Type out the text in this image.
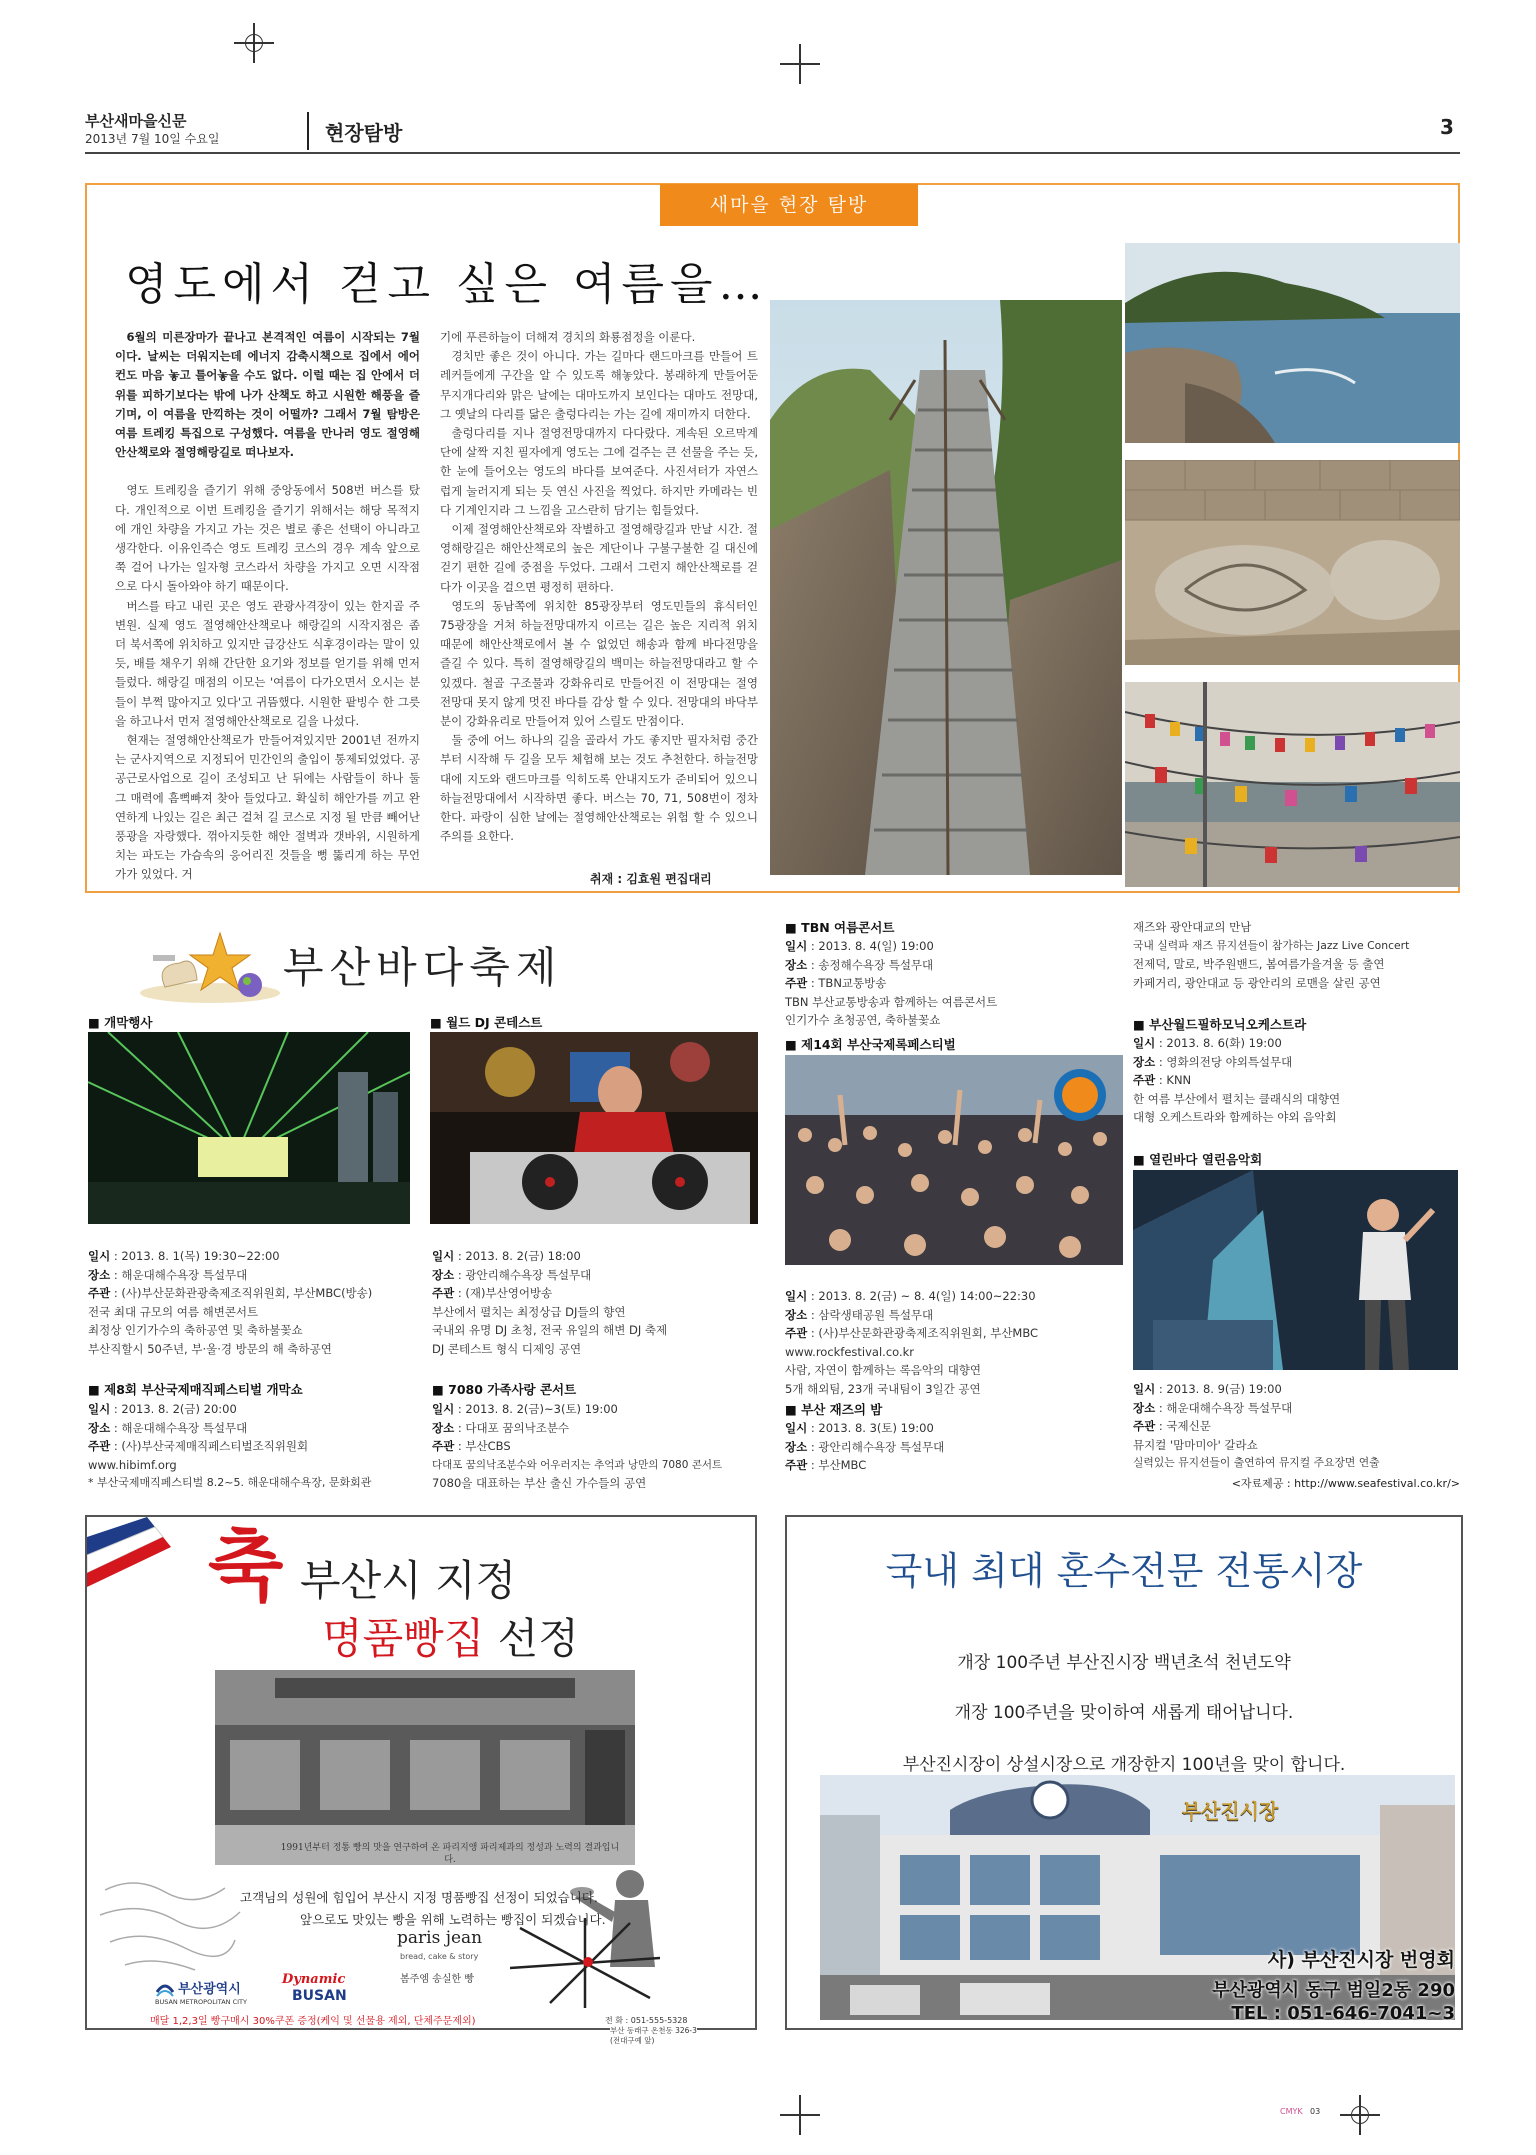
부산새마을신문
2013년 7월 10일 수요일	현장탐방	3
새마을 현장 탐방
영도에서 걷고 싶은 여름을…

6월의 미른장마가 끝나고 본격적인 여름이 시작되는 7월이다. 날씨는 더워지는데 에너지 감축시책으로 집에서 에어컨도 마음 놓고 틀어놓을 수도 없다. 이럴 때는 집 안에서 더위를 피하기보다는 밖에 나가 산책도 하고 시원한 해풍을 즐기며, 이 여름을 만끽하는 것이 어떨까? 그래서 7월 탐방은 여름 트레킹 특집으로 구성했다. 여름을 만나러 영도 절영해안산책로와 절영해랑길로 떠나보자.

영도 트레킹을 즐기기 위해 중앙동에서 508번 버스를 탔다. 개인적으로 이번 트레킹을 즐기기 위해서는 해당 목적지에 개인 차량을 가지고 가는 것은 별로 좋은 선택이 아니라고 생각한다. 이유인즉슨 영도 트레킹 코스의 경우 계속 앞으로 쭉 걸어 나가는 일자형 코스라서 차량을 가지고 오면 시작점으로 다시 돌아와야 하기 때문이다.

버스를 타고 내린 곳은 영도 관광사격장이 있는 한지골 주변원. 실제 영도 절영해안산책로나 해랑길의 시작지점은 좀 더 북서쪽에 위치하고 있지만 급강산도 식후경이라는 말이 있듯, 배를 채우기 위해 간단한 요기와 정보를 얻기를 위해 먼저 들렀다. 해랑길 매점의 이모는 '여름이 다가오면서 오시는 분들이 부쩍 많아지고 있다'고 귀뜸했다. 시원한 팥빙수 한 그릇을 하고나서 먼저 절영해안산책로로 길을 나섰다.

현재는 절영해안산책로가 만들어져있지만 2001년 전까지는 군사지역으로 지정되어 민간인의 출입이 통제되었었다. 공공근로사업으로 길이 조성되고 난 뒤에는 사람들이 하나 둘 그 매력에 흠뻑빠져 찾아 들었다고. 확실히 해안가를 끼고 완연하게 나있는 길은 최근 걸쳐 길 코스로 지정 될 만큼 빼어난 풍광을 자랑했다. 꺾아지듯한 해안 절벽과 갯바위, 시원하게 치는 파도는 가슴속의 응어리진 것들을 뻥 뚫리게 하는 무언가가 있었다. 거

기에 푸른하늘이 더해져 경치의 화룡점정을 이룬다.

경치만 좋은 것이 아니다. 가는 길마다 랜드마크를 만들어 트레커들에게 구간을 알 수 있도록 해놓았다. 봉래하게 만들어둔 무지개다리와 맑은 날에는 대마도까지 보인다는 대마도 전망대, 그 옛날의 다리를 닮은 출렁다리는 가는 길에 재미까지 더한다.

출렁다리를 지나 절영전망대까지 다다랐다. 계속된 오르막계단에 살짝 지친 필자에게 영도는 그에 걸주는 큰 선물을 주는 듯, 한 눈에 들어오는 영도의 바다를 보여준다. 사진셔터가 자연스럽게 눌러지게 되는 듯 연신 사진을 찍었다. 하지만 카메라는 빈다 기계인지라 그 느낌을 고스란히 담기는 힘들었다.

이제 절영해안산책로와 작별하고 절영해랑길과 만날 시간. 절영해랑길은 해안산책로의 높은 계단이나 구불구불한 길 대신에 걷기 편한 길에 중점을 두었다. 그래서 그런지 해안산책로를 걷다가 이곳을 걸으면 평정히 편하다.

영도의 동남쪽에 위치한 85광장부터 영도민들의 휴식터인 75광장을 거쳐 하늘전망대까지 이르는 길은 높은 지리적 위치 때문에 해안산책로에서 볼 수 없었던 해송과 함께 바다전망을 즐길 수 있다. 특히 절영해랑길의 백미는 하늘전망대라고 할 수 있겠다. 철골 구조물과 강화유리로 만들어진 이 전망대는 절영전망대 못지 않게 멋진 바다를 감상 할 수 있다. 전망대의 바닥부분이 강화유리로 만들어져 있어 스릴도 만점이다.

둘 중에 어느 하나의 길을 골라서 가도 좋지만 필자처럼 중간부터 시작해 두 길을 모두 체험해 보는 것도 추천한다. 하늘전망대에 지도와 랜드마크를 익히도록 안내지도가 준비되어 있으니 하늘전망대에서 시작하면 좋다. 버스는 70, 71, 508번이 정차한다. 파랑이 심한 날에는 절영해안산책로는 위험 할 수 있으니 주의를 요한다.

취재 : 김효원 편집대리
부산바다축제
■ 개막행사
일시 : 2013. 8. 1(목) 19:30~22:00
장소 : 해운대해수욕장 특설무대
주관 : (사)부산문화관광축제조직위원회, 부산MBC(방송)
전국 최대 규모의 여름 해변콘서트
최정상 인기가수의 축하공연 및 축하불꽃쇼
부산직할시 50주년, 부·울·경 방문의 해 축하공연
■ 제8회 부산국제매직페스티벌 개막쇼
일시 : 2013. 8. 2(금) 20:00
장소 : 해운대해수욕장 특설무대
주관 : (사)부산국제매직페스티벌조직위원회
www.hibimf.org
* 부산국제매직페스티벌 8.2~5. 해운대해수욕장, 문화회관
■ 월드 DJ 콘테스트
일시 : 2013. 8. 2(금) 18:00
장소 : 광안리해수욕장 특설무대
주관 : (재)부산영어방송
부산에서 펼치는 최정상급 DJ들의 향연
국내외 유명 DJ 초청, 전국 유일의 해변 DJ 축제
DJ 콘테스트 형식 디제잉 공연
■ 7080 가족사랑 콘서트
일시 : 2013. 8. 2(금)~3(토) 19:00
장소 : 다대포 꿈의낙조분수
주관 : 부산CBS
다대포 꿈의낙조분수와 어우러지는 추억과 낭만의 7080 콘서트
7080을 대표하는 부산 출신 가수들의 공연
■ TBN 여름콘서트
일시 : 2013. 8. 4(일) 19:00
장소 : 송정해수욕장 특설무대
주관 : TBN교통방송
TBN 부산교통방송과 함께하는 여름콘서트
인기가수 초청공연, 축하불꽃쇼
■ 제14회 부산국제록페스티벌
일시 : 2013. 8. 2(금) ~ 8. 4(일) 14:00~22:30
장소 : 삼락생태공원 특설무대
주관 : (사)부산문화관광축제조직위원회, 부산MBC
www.rockfestival.co.kr
사람, 자연이 함께하는 록음악의 대향연
5개 해외팀, 23개 국내팀이 3일간 공연
■ 부산 재즈의 밤
일시 : 2013. 8. 3(토) 19:00
장소 : 광안리해수욕장 특설무대
주관 : 부산MBC
재즈와 광안대교의 만남
국내 실력파 재즈 뮤지션들이 참가하는 Jazz Live Concert
전제덕, 말로, 박주원밴드, 봄여름가을겨울 등 출연
카페거리, 광안대교 등 광안리의 로맨을 살린 공연
■ 부산월드필하모닉오케스트라
일시 : 2013. 8. 6(화) 19:00
장소 : 영화의전당 야외특설무대
주관 : KNN
한 여름 부산에서 펼치는 클래식의 대향연
대형 오케스트라와 함께하는 야외 음악회
■ 열린바다 열린음악회
일시 : 2013. 8. 9(금) 19:00
장소 : 해운대해수욕장 특설무대
주관 : 국제신문
뮤지컬 '맘마미아' 갈라쇼
실력있는 뮤지션들이 출연하여 뮤지컬 주요장면 연출
<자료제공 : http://www.seafestival.co.kr/>
축 부산시 지정
명품빵집 선정
1991년부터 정통 빵의 맛을 연구하여 온 파리지앵 파리제과의 정성과 노력의 결과입니다.
고객님의 성원에 힘입어 부산시 지정 명품빵집 선정이 되었습니다.
앞으로도 맛있는 빵을 위해 노력하는 빵집이 되겠습니다.
부산광역시
BUSAN METROPOLITAN CITY
Dynamic
BUSAN
paris jean
bread, cake & story
봄주엠 송실한 빵
전 화 : 051-555-5328
부산 동래구 온천동 326-3
(전대구예 앞)
매달 1,2,3일 빵구매시 30%쿠폰 증정(케익 및 선물용 제외, 단체주문제외)
국내 최대 혼수전문 전통시장
개장 100주년 부산진시장 백년초석 천년도약
개장 100주년을 맞이하여 새롭게 태어납니다.
부산진시장이 상설시장으로 개장한지 100년을 맞이 합니다.
부산진시장
사) 부산진시장 번영회
부산광역시 동구 범일2동 290
TEL : 051-646-7041~3
CMYK 03
